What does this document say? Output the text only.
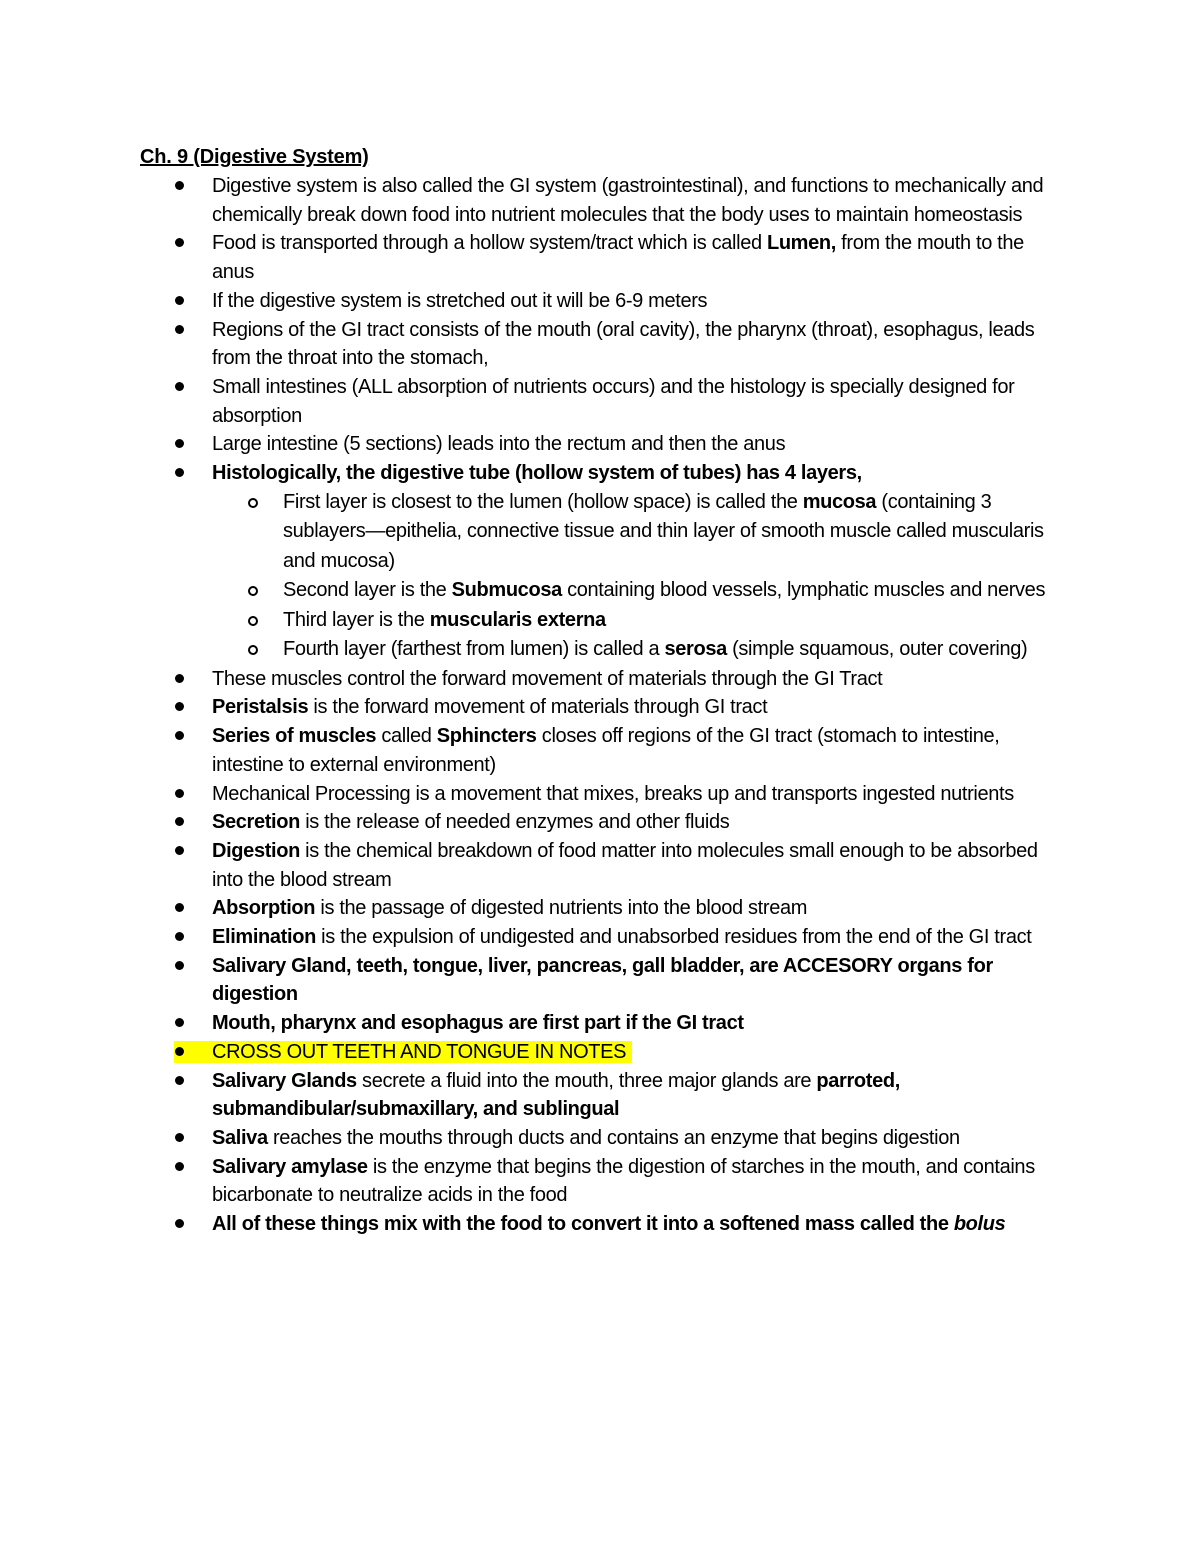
Ch. 9 (Digestive System)
Digestive system is also called the GI system (gastrointestinal), and functions to mechanically and chemically break down food into nutrient molecules that the body uses to maintain homeostasis
Food is transported through a hollow system/tract which is called Lumen, from the mouth to the anus
If the digestive system is stretched out it will be 6-9 meters
Regions of the GI tract consists of the mouth (oral cavity), the pharynx (throat), esophagus, leads from the throat into the stomach,
Small intestines (ALL absorption of nutrients occurs) and the histology is specially designed for absorption
Large intestine (5 sections) leads into the rectum and then the anus
Histologically, the digestive tube (hollow system of tubes) has 4 layers,
First layer is closest to the lumen (hollow space) is called the mucosa (containing 3 sublayers—epithelia, connective tissue and thin layer of smooth muscle called muscularis and mucosa)
Second layer is the Submucosa containing blood vessels, lymphatic muscles and nerves
Third layer is the muscularis externa
Fourth layer (farthest from lumen) is called a serosa (simple squamous, outer covering)
These muscles control the forward movement of materials through the GI Tract
Peristalsis is the forward movement of materials through GI tract
Series of muscles called Sphincters closes off regions of the GI tract (stomach to intestine, intestine to external environment)
Mechanical Processing is a movement that mixes, breaks up and transports ingested nutrients
Secretion is the release of needed enzymes and other fluids
Digestion is the chemical breakdown of food matter into molecules small enough to be absorbed into the blood stream
Absorption is the passage of digested nutrients into the blood stream
Elimination is the expulsion of undigested and unabsorbed residues from the end of the GI tract
Salivary Gland, teeth, tongue, liver, pancreas, gall bladder, are ACCESORY organs for digestion
Mouth, pharynx and esophagus are first part if the GI tract
CROSS OUT TEETH AND TONGUE IN NOTES
Salivary Glands secrete a fluid into the mouth, three major glands are parroted, submandibular/submaxillary, and sublingual
Saliva reaches the mouths through ducts and contains an enzyme that begins digestion
Salivary amylase is the enzyme that begins the digestion of starches in the mouth, and contains bicarbonate to neutralize acids in the food
All of these things mix with the food to convert it into a softened mass called the bolus
